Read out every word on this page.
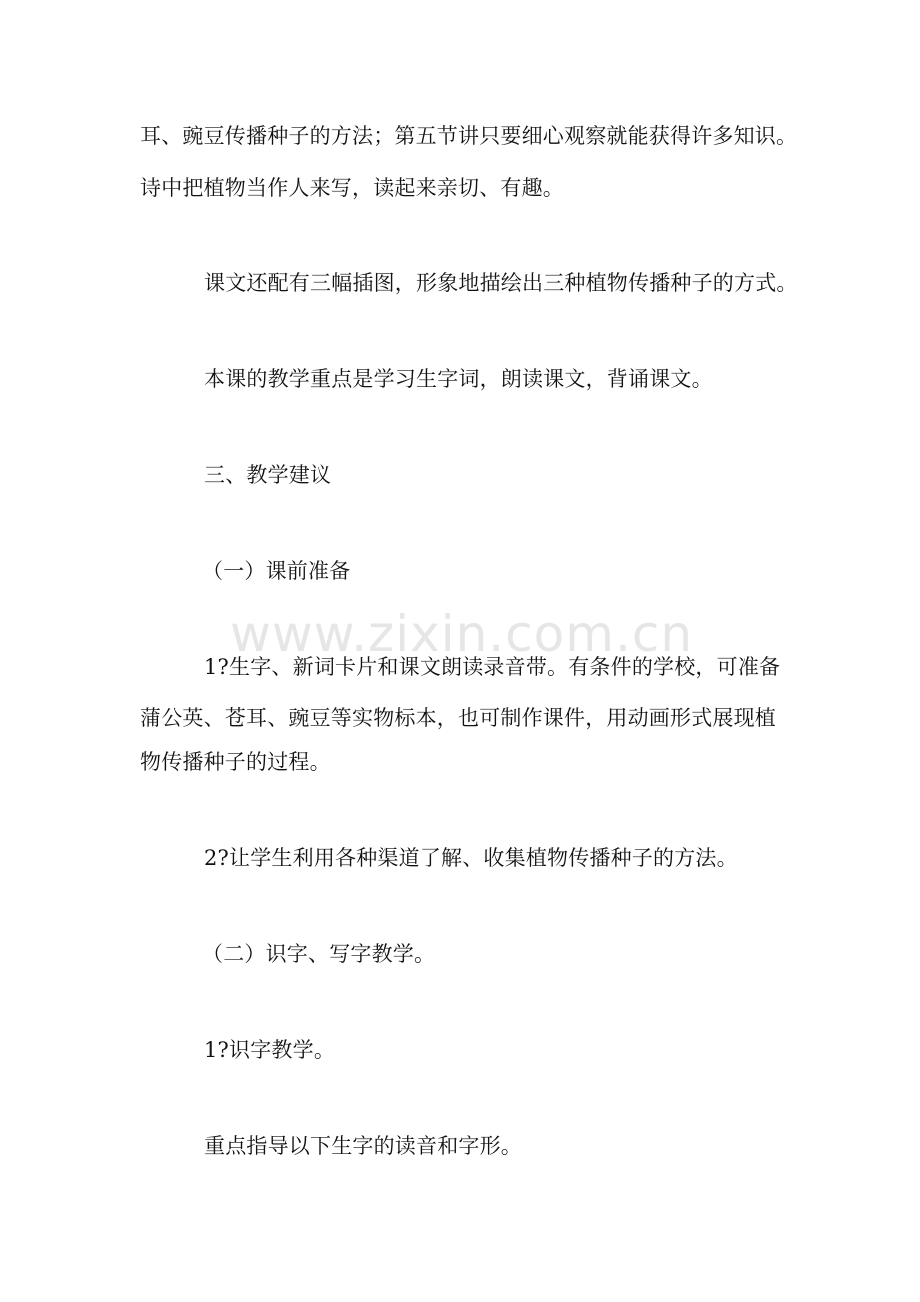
www.zixin.com.cn
耳、豌豆传播种子的方法；第五节讲只要细心观察就能获得许多知识。
诗中把植物当作人来写，读起来亲切、有趣。
课文还配有三幅插图，形象地描绘出三种植物传播种子的方式。
本课的教学重点是学习生字词，朗读课文，背诵课文。
三、教学建议
（一）课前准备
1?生字、新词卡片和课文朗读录音带。有条件的学校，可准备
蒲公英、苍耳、豌豆等实物标本，也可制作课件，用动画形式展现植
物传播种子的过程。
2?让学生利用各种渠道了解、收集植物传播种子的方法。
（二）识字、写字教学。
1?识字教学。
重点指导以下生字的读音和字形。
